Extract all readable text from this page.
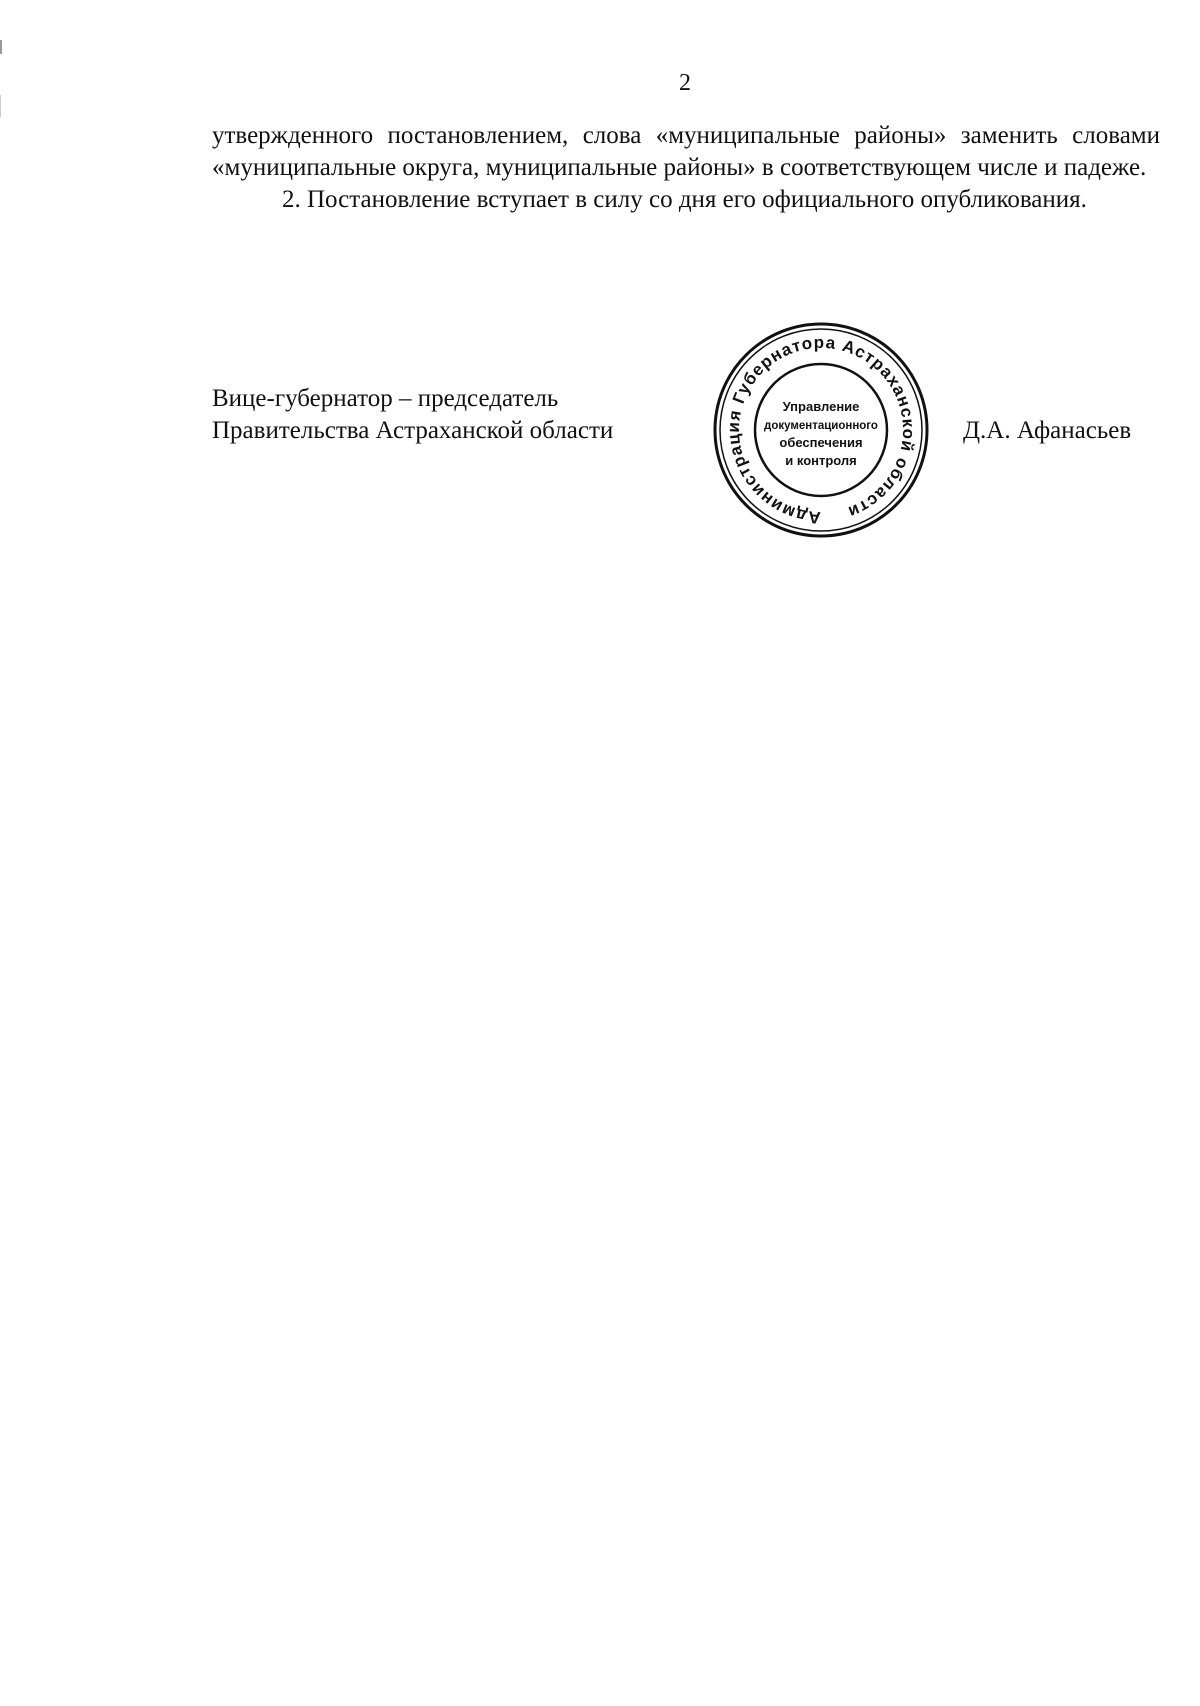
2

утвержденного постановлением, слова «муниципальные районы» заменить словами «муниципальные округа, муниципальные районы» в соответствующем числе и падеже.

2. Постановление вступает в силу со дня его официального опубликования.

Вице-губернатор – председатель
Правительства Астраханской области
Администрация Губернатора Астраханской области
Управление
документационного
обеспечения
и контроля
Д.А. Афанасьев
